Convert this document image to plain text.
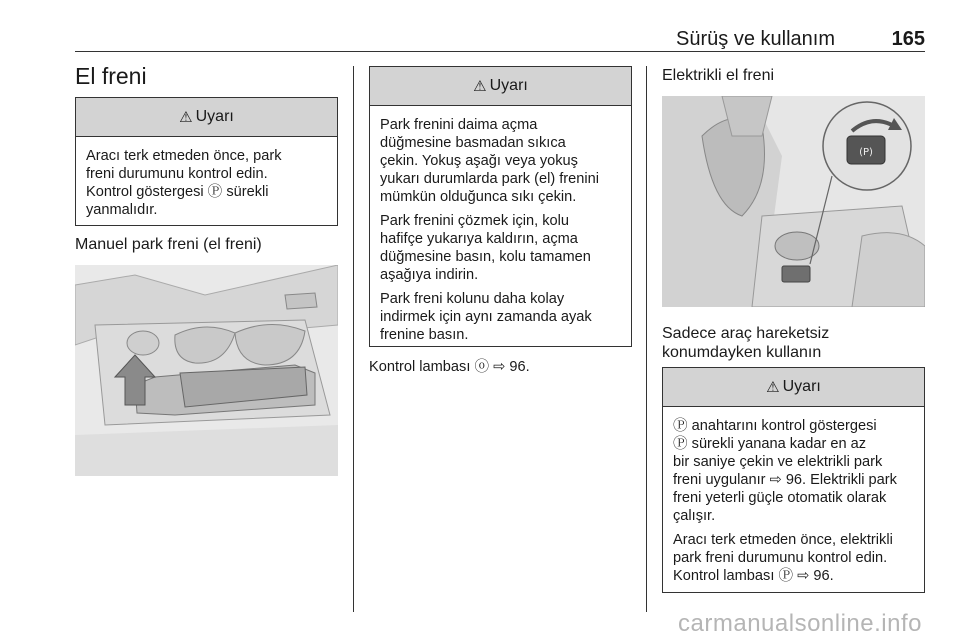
Sürüş ve kullanım	165
El freni
⚠ Uyarı
Aracı terk etmeden önce, park
freni durumunu kontrol edin.
Kontrol göstergesi Ⓟ sürekli
yanmalıdır.
Manuel park freni (el freni)
⚠ Uyarı

Park frenini daima açma
düğmesine basmadan sıkıca
çekin. Yokuş aşağı veya yokuş
yukarı durumlarda park (el) frenini
mümkün olduğunca sıkı çekin.

Park frenini çözmek için, kolu
hafifçe yukarıya kaldırın, açma
düğmesine basın, kolu tamamen
aşağıya indirin.

Park freni kolunu daha kolay
indirmek için aynı zamanda ayak
frenine basın.

Kontrol lambası ⓞ ⇨ 96.
Elektrikli el freni
(P)
Sadece araç hareketsiz
konumdayken kullanın
⚠ Uyarı

Ⓟ anahtarını kontrol göstergesi
Ⓟ sürekli yanana kadar en az
bir saniye çekin ve elektrikli park
freni uygulanır ⇨ 96. Elektrikli park
freni yeterli güçle otomatik olarak
çalışır.

Aracı terk etmeden önce, elektrikli
park freni durumunu kontrol edin.
Kontrol lambası Ⓟ ⇨ 96.

carmanualsonline.info
